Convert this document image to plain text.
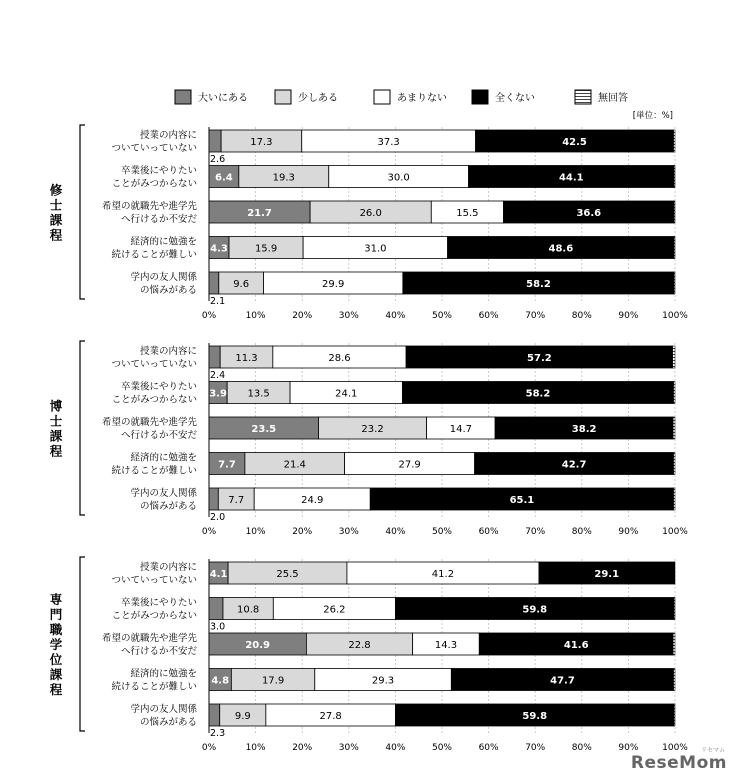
大いにある	少しある	あまりない	全くない	無回答
[単位：%]
0%	10%	20%	30%	40%	50%	60%	70%	80%	90%	100%
修士課程
授業の内容に
ついていっていない
2.6
17.3	37.3	42.5
卒業後にやりたい
ことがみつからない
6.4	19.3	30.0	44.1
希望の就職先や進学先
へ行けるか不安だ
21.7	26.0	15.5	36.6
経済的に勉強を
続けることが難しい
4.3	15.9	31.0	48.6
学内の友人関係
の悩みがある
2.1
9.6	29.9	58.2
0%	10%	20%	30%	40%	50%	60%	70%	80%	90%	100%
博士課程
授業の内容に
ついていっていない
2.4
11.3	28.6	57.2
卒業後にやりたい
ことがみつからない
3.9 13.5	24.1	58.2
希望の就職先や進学先
へ行けるか不安だ
23.5	23.2	14.7	38.2
経済的に勉強を
続けることが難しい
7.7	21.4	27.9	42.7
学内の友人関係
の悩みがある
2.0
7.7	24.9	65.1
0%	10%	20%	30%	40%	50%	60%	70%	80%	90%	100%
専門職学位課程
授業の内容に
ついていっていない
4.1	25.5	41.2	29.1
卒業後にやりたい
ことがみつからない
3.0
10.8	26.2	59.8
希望の就職先や進学先
へ行けるか不安だ
20.9	22.8	14.3	41.6
経済的に勉強を
続けることが難しい
4.8	17.9	29.3	47.7
学内の友人関係
の悩みがある
2.3
9.9	27.8	59.8
ReseMom
リセマム
